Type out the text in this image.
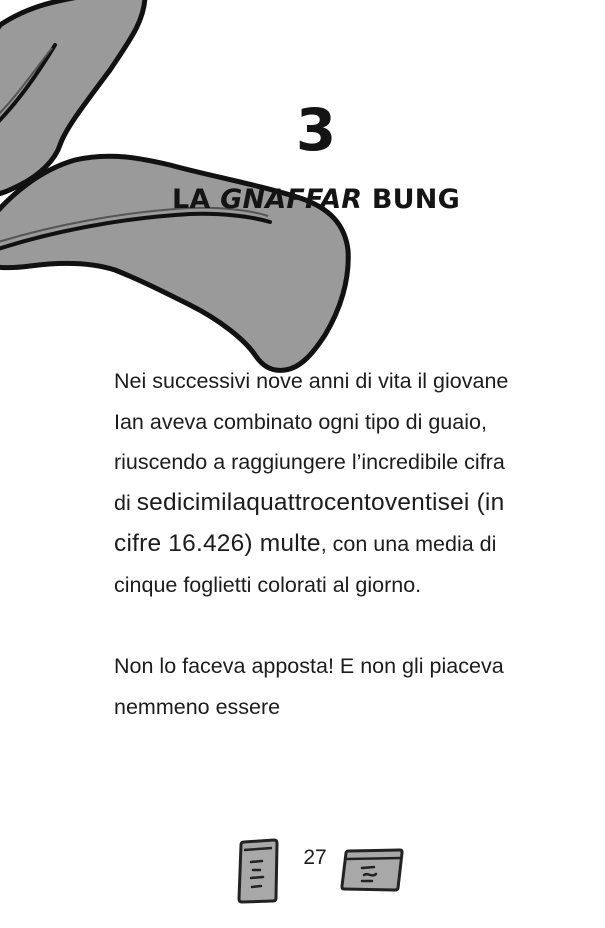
3
LA GNAFFAR BUNG

Nei successivi nove anni di vita il giovane Ian aveva combinato ogni tipo di guaio, riuscendo a raggiungere l’incredibile cifra di sedicimilaquattrocentoventisei (in cifre 16.426) multe, con una media di cinque foglietti colorati al giorno.

Non lo faceva apposta! E non gli piaceva nemmeno essere

27
